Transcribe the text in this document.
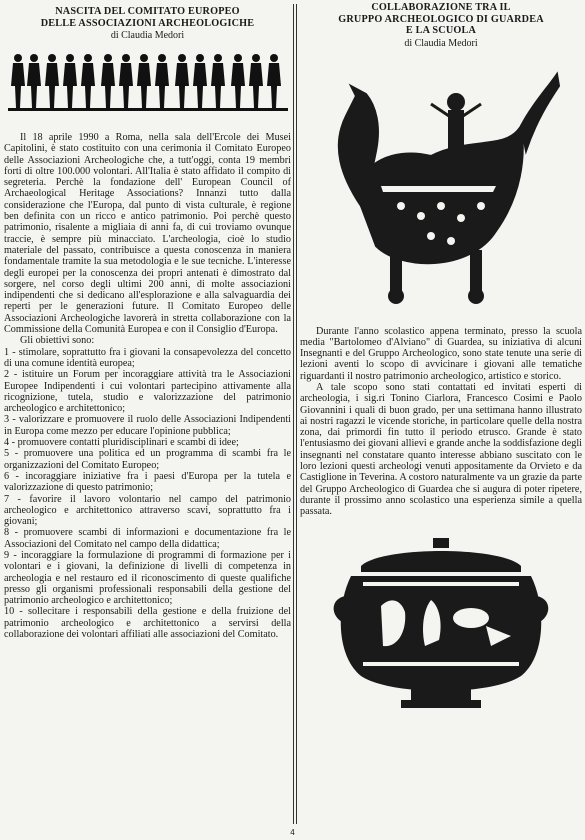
NASCITA DEL COMITATO EUROPEO
DELLE ASSOCIAZIONI ARCHEOLOGICHE
di Claudia Medori

Il 18 aprile 1990 a Roma, nella sala dell'Ercole dei Musei Capitolini, è stato costituito con una cerimonia il Comitato Europeo delle Associazioni Archeologiche che, a tutt'oggi, conta 19 membri forti di oltre 100.000 volontari. All'Italia è stato affidato il compito di segreteria. Perchè la fondazione dell' European Council of Archaeological Heritage Associations? Innanzi tutto dalla considerazione che l'Europa, dal punto di vista culturale, è regione ben definita con un ricco e antico patrimonio. Poi perchè questo patrimonio, risalente a migliaia di anni fa, di cui troviamo ovunque traccie, è sempre più minacciato. L'archeologia, cioè lo studio materiale del passato, contribuisce a questa conoscenza in maniera fondamentale tramite la sua metodologia e le sue tecniche. L'interesse degli europei per la conoscenza dei propri antenati è dimostrato dal sorgere, nel corso degli ultimi 200 anni, di molte associazioni indipendenti che si dedicano all'esplorazione e alla salvaguardia dei reperti per le generazioni future. Il Comitato Europeo delle Associazioni Archeologiche lavorerà in stretta collaborazione con la Commissione della Comunità Europea e con il Consiglio d'Europa.

Gli obiettivi sono:

1 - stimolare, soprattutto fra i giovani la consapevolezza del concetto di una comune identità europea;

2 - istituire un Forum per incoraggiare attività tra le Associazioni Europee Indipendenti i cui volontari partecipino attivamente alla ricognizione, tutela, studio e valorizzazione del patrimonio archeologico e architettonico;

3 - valorizzare e promuovere il ruolo delle Associazioni Indipendenti in Europa come mezzo per educare l'opinione pubblica;

4 - promuovere contatti pluridisciplinari e scambi di idee;

5 - promuovere una politica ed un programma di scambi fra le organizzazioni del Comitato Europeo;

6 - incoraggiare iniziative fra i paesi d'Europa per la tutela e valorizzazione di questo patrimonio;

7 - favorire il lavoro volontario nel campo del patrimonio archeologico e architettonico attraverso scavi, soprattutto fra i giovani;

8 - promuovere scambi di informazioni e documentazione fra le Associazioni del Comitato nel campo della didattica;

9 - incoraggiare la formulazione di programmi di formazione per i volontari e i giovani, la definizione di livelli di competenza in archeologia e nel restauro ed il riconoscimento di queste qualifiche presso gli organismi professionali responsabili della gestione del patrimonio archeologico e architettonico;

10 - sollecitare i responsabili della gestione e della fruizione del patrimonio archeologico e architettonico a servirsi della collaborazione dei volontari affiliati alle associazioni del Comitato.

COLLABORAZIONE TRA IL
GRUPPO ARCHEOLOGICO DI GUARDEA
E LA SCUOLA
di Claudia Medori

Durante l'anno scolastico appena terminato, presso la scuola media "Bartolomeo d'Alviano" di Guardea, su iniziativa di alcuni Insegnanti e del Gruppo Archeologico, sono state tenute una serie di lezioni aventi lo scopo di avvicinare i giovani alle tematiche riguardanti il nostro patrimonio archeologico, artistico e storico.

A tale scopo sono stati contattati ed invitati esperti di archeologia, i sig.ri Tonino Ciarlora, Francesco Cosimi e Paolo Giovannini i quali di buon grado, per una settimana hanno illustrato ai nostri ragazzi le vicende storiche, in particolare quelle della nostra zona, dai primordi fin tutto il periodo etrusco. Grande è stato l'entusiasmo dei giovani allievi e grande anche la soddisfazione degli insegnanti nel constatare quanto interesse abbiano suscitato con le loro lezioni questi archeologi venuti appositamente da Orvieto e da Castiglione in Teverina. A costoro naturalmente va un grazie da parte del Gruppo Archeologico di Guardea che si augura di poter ripetere, durante il prossimo anno scolastico una esperienza simile a quella passata.

4
